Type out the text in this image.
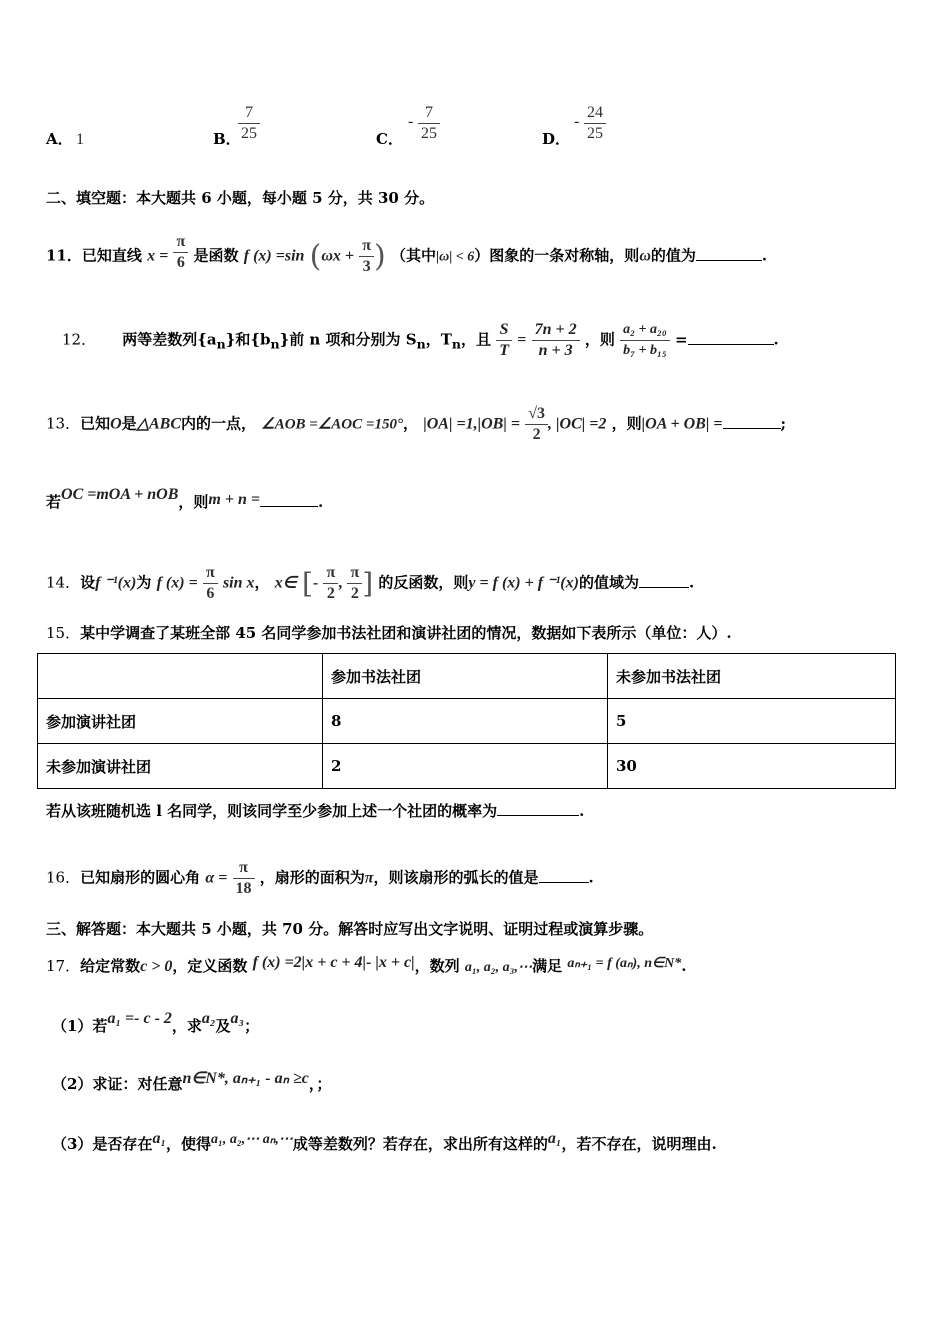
A． 1	B．
$\frac{7}{25}$	C．
- $\frac{7}{25}$	D．
- $\frac{24}{25}$
二、填空题：本大题共 6 小题，每小题 5 分，共 30 分。
11．已知直线 $x = \frac{\pi}{6}$ 是函数 f (x) =sin ($\omega x + \frac{\pi}{3}$ ) （其中|ω| < 6）图象的一条对称轴，则ω的值为	.
12． 两等差数列$\{a_n\}$和$\{b_n\}$前 n 项和分别为 $S_n$，$T_n$，且 $\frac{S}{T} = \frac{7n + 2}{n + 3}$ ，则 $\frac{\text{a₂ + a₂₀}}{\text{b₇ + b₁₅}}$ =	.
13．已知O是△ABC内的一点， ∠AOB =∠AOC =150°， $|OA| =1,|OB| = \frac{√3}{2}$ , |OC| =2 ，则|OA + OB| =	;
若OC =mOA + nOB，则m + n =	.
14．设f ⁻¹(x)为 f $(x) = \frac{\pi}{6}$ sin x， x∈ [- $\frac{\pi}{2}$ , $\frac{\pi}{2}$ ] 的反函数，则y = f (x) + f ⁻¹(x)的值域为	.
15．某中学调查了某班全部 45 名同学参加书法社团和演讲社团的情况，数据如下表所示（单位：人）.
	参加书法社团	未参加书法社团
参加演讲社团	8	5
未参加演讲社团	2	30
若从该班随机选 l 名同学，则该同学至少参加上述一个社团的概率为	.
16．已知扇形的圆心角 $\alpha = \frac{\pi}{18}$ ，扇形的面积为π，则该扇形的弧长的值是	.
三、解答题：本大题共 5 小题，共 70 分。解答时应写出文字说明、证明过程或演算步骤。
17．给定常数c > 0，定义函数 f (x) =2|x + c + 4|- |x + c|，数列 a₁, a₂, a₃,⋯满足 aₙ₊₁ = f (aₙ), n∈N*.
（1）若a₁ =- c - 2，求a₂及a₃；
（2）求证：对任意n∈N*, aₙ₊₁ - aₙ ≥c，；
（3）是否存在a₁，使得a₁, a₂,⋯ aₙ,⋯成等差数列？若存在，求出所有这样的a₁，若不存在，说明理由.
